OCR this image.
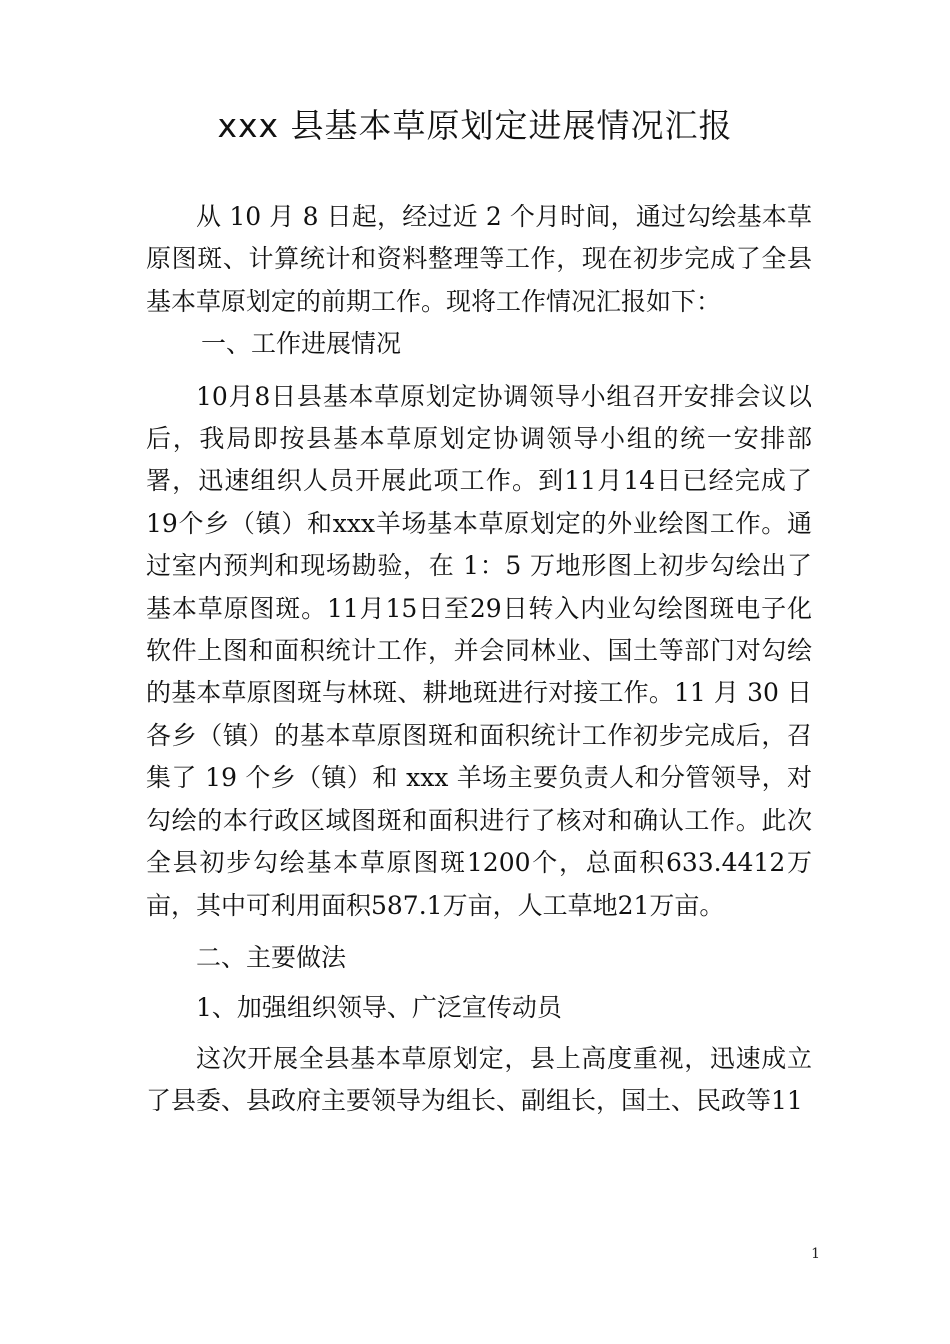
xxx 县基本草原划定进展情况汇报

从 10 月 8 日起，经过近 2 个月时间，通过勾绘基本草原图斑、计算统计和资料整理等工作，现在初步完成了全县基本草原划定的前期工作。现将工作情况汇报如下：

一、工作进展情况

10月8日县基本草原划定协调领导小组召开安排会议以后，我局即按县基本草原划定协调领导小组的统一安排部署，迅速组织人员开展此项工作。到11月14日已经完成了19个乡（镇）和xxx羊场基本草原划定的外业绘图工作。通过室内预判和现场勘验，在 1：5 万地形图上初步勾绘出了基本草原图斑。11月15日至29日转入内业勾绘图斑电子化软件上图和面积统计工作，并会同林业、国土等部门对勾绘的基本草原图斑与林斑、耕地斑进行对接工作。11 月 30 日各乡（镇）的基本草原图斑和面积统计工作初步完成后，召集了 19 个乡（镇）和 xxx 羊场主要负责人和分管领导，对勾绘的本行政区域图斑和面积进行了核对和确认工作。此次全县初步勾绘基本草原图斑1200个，总面积633.4412万亩，其中可利用面积587.1万亩，人工草地21万亩。

二、主要做法

1、加强组织领导、广泛宣传动员

这次开展全县基本草原划定，县上高度重视，迅速成立了县委、县政府主要领导为组长、副组长，国土、民政等11

1
